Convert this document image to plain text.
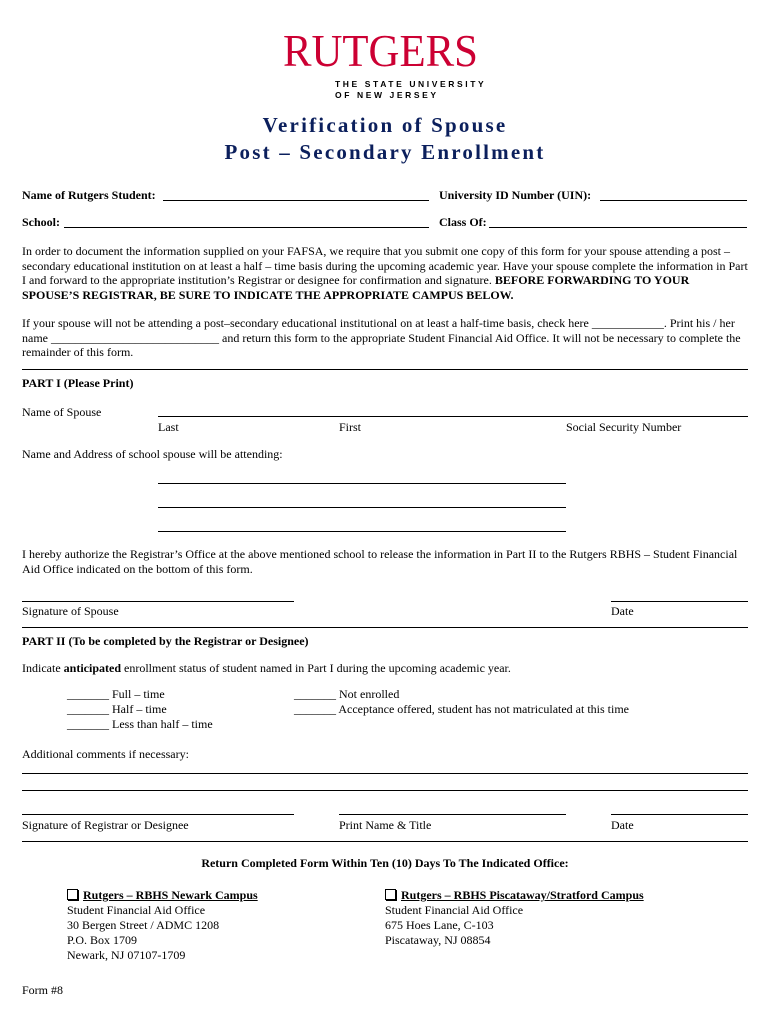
RUTGERS
THE STATE UNIVERSITY
OF NEW JERSEY
Verification of Spouse
Post – Secondary Enrollment
Name of Rutgers Student:	University ID Number (UIN):
School:	Class Of:
In order to document the information supplied on your FAFSA, we require that you submit one copy of this form for your spouse attending a post – secondary educational institution on at least a half – time basis during the upcoming academic year. Have your spouse complete the information in Part I and forward to the appropriate institution’s Registrar or designee for confirmation and signature. BEFORE FORWARDING TO YOUR SPOUSE’S REGISTRAR, BE SURE TO INDICATE THE APPROPRIATE CAMPUS BELOW.
If your spouse will not be attending a post–secondary educational institutional on at least a half-time basis, check here ____________. Print his / her name ____________________________ and return this form to the appropriate Student Financial Aid Office. It will not be necessary to complete the remainder of this form.
PART I (Please Print)
Name of Spouse
Last	First	Social Security Number
Name and Address of school spouse will be attending:
I hereby authorize the Registrar’s Office at the above mentioned school to release the information in Part II to the Rutgers RBHS – Student Financial Aid Office indicated on the bottom of this form.
Signature of Spouse	Date
PART II (To be completed by the Registrar or Designee)
Indicate anticipated enrollment status of student named in Part I during the upcoming academic year.
_______ Full – time
_______ Half – time
_______ Less than half – time
_______ Not enrolled
_______ Acceptance offered, student has not matriculated at this time
Additional comments if necessary:
Signature of Registrar or Designee	Print Name & Title	Date
Return Completed Form Within Ten (10) Days To The Indicated Office:
Rutgers – RBHS Newark Campus
Student Financial Aid Office
30 Bergen Street / ADMC 1208
P.O. Box 1709
Newark, NJ 07107-1709
Rutgers – RBHS Piscataway/Stratford Campus
Student Financial Aid Office
675 Hoes Lane, C-103
Piscataway, NJ 08854
Form #8
